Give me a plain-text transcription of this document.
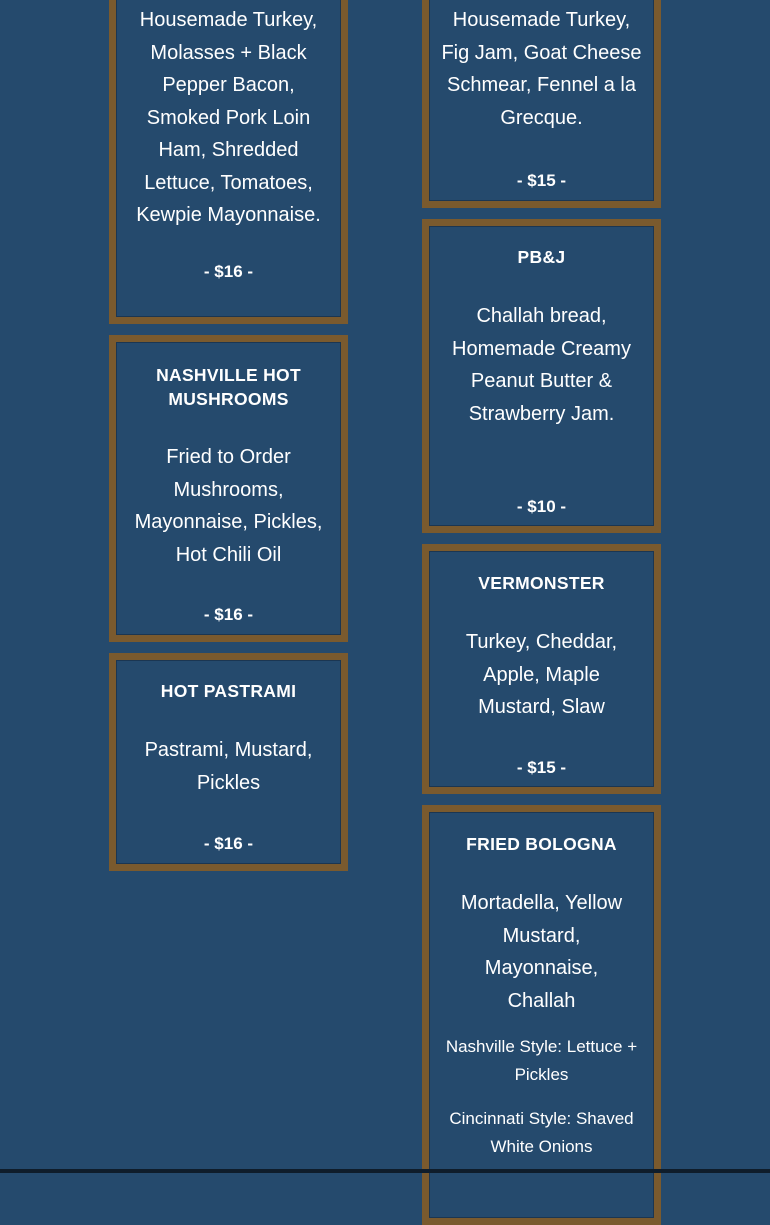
Housemade Turkey, Molasses + Black Pepper Bacon, Smoked Pork Loin Ham, Shredded Lettuce, Tomatoes, Kewpie Mayonnaise.
- $16 -
NASHVILLE HOT MUSHROOMS
Fried to Order Mushrooms, Mayonnaise, Pickles, Hot Chili Oil
- $16 -
HOT PASTRAMI
Pastrami, Mustard, Pickles
- $16 -
Housemade Turkey, Fig Jam, Goat Cheese Schmear, Fennel a la Grecque.
- $15 -
PB&J
Challah bread, Homemade Creamy Peanut Butter & Strawberry Jam.
- $10 -
VERMONSTER
Turkey, Cheddar, Apple, Maple Mustard, Slaw
- $15 -
FRIED BOLOGNA
Mortadella, Yellow Mustard, Mayonnaise, Challah
Nashville Style: Lettuce + Pickles
Cincinnati Style: Shaved White Onions
